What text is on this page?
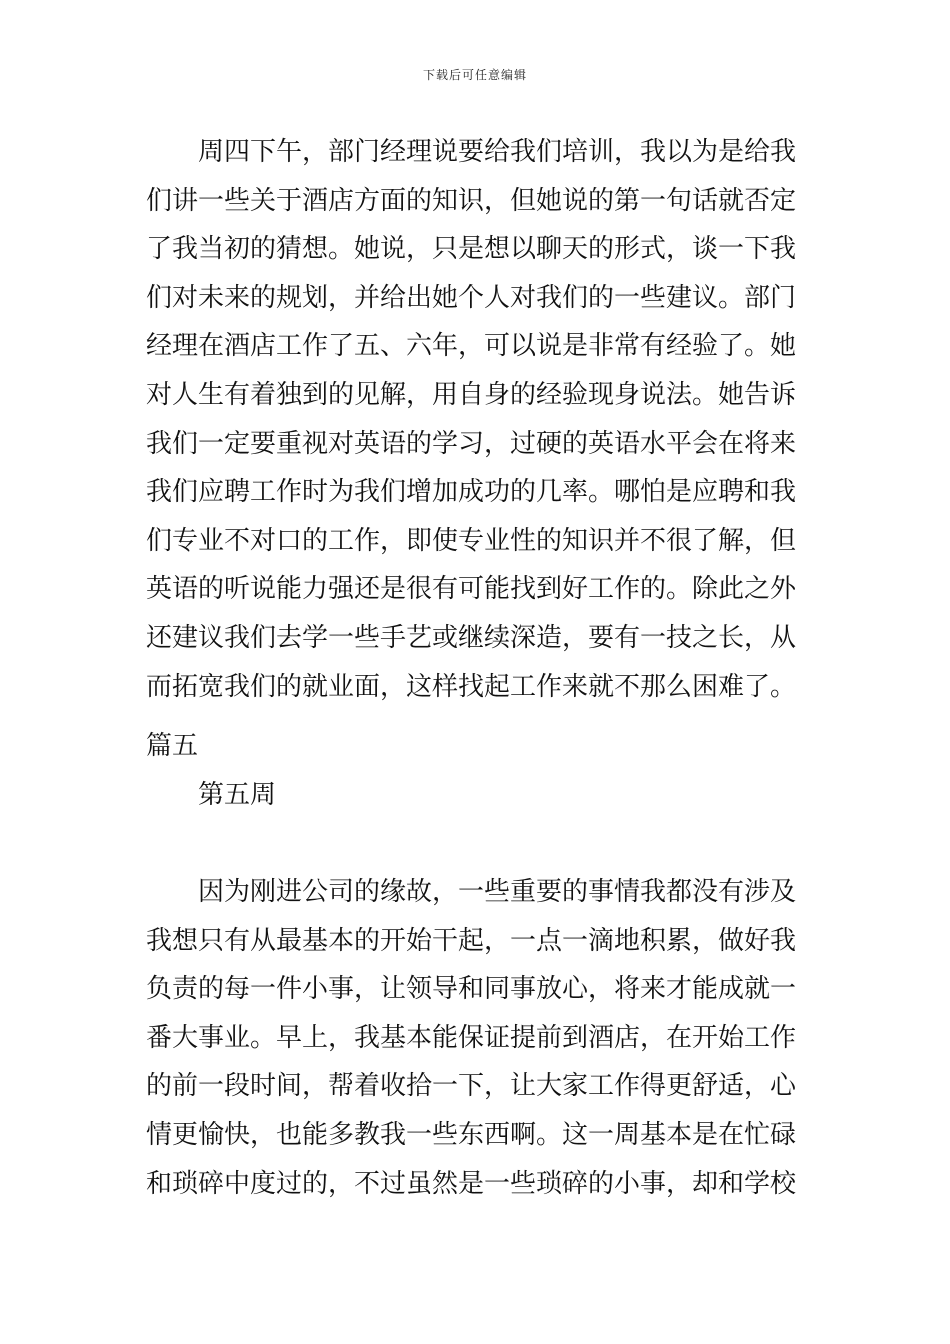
下载后可任意编辑
周四下午，部门经理说要给我们培训，我以为是给我
们讲一些关于酒店方面的知识，但她说的第一句话就否定
了我当初的猜想。她说，只是想以聊天的形式，谈一下我
们对未来的规划，并给出她个人对我们的一些建议。部门
经理在酒店工作了五、六年，可以说是非常有经验了。她
对人生有着独到的见解，用自身的经验现身说法。她告诉
我们一定要重视对英语的学习，过硬的英语水平会在将来
我们应聘工作时为我们增加成功的几率。哪怕是应聘和我
们专业不对口的工作，即使专业性的知识并不很了解，但
英语的听说能力强还是很有可能找到好工作的。除此之外
还建议我们去学一些手艺或继续深造，要有一技之长，从
而拓宽我们的就业面，这样找起工作来就不那么困难了。
篇五
第五周
因为刚进公司的缘故，一些重要的事情我都没有涉及
我想只有从最基本的开始干起，一点一滴地积累，做好我
负责的每一件小事，让领导和同事放心，将来才能成就一
番大事业。早上，我基本能保证提前到酒店，在开始工作
的前一段时间，帮着收拾一下，让大家工作得更舒适，心
情更愉快，也能多教我一些东西啊。这一周基本是在忙碌
和琐碎中度过的，不过虽然是一些琐碎的小事，却和学校
